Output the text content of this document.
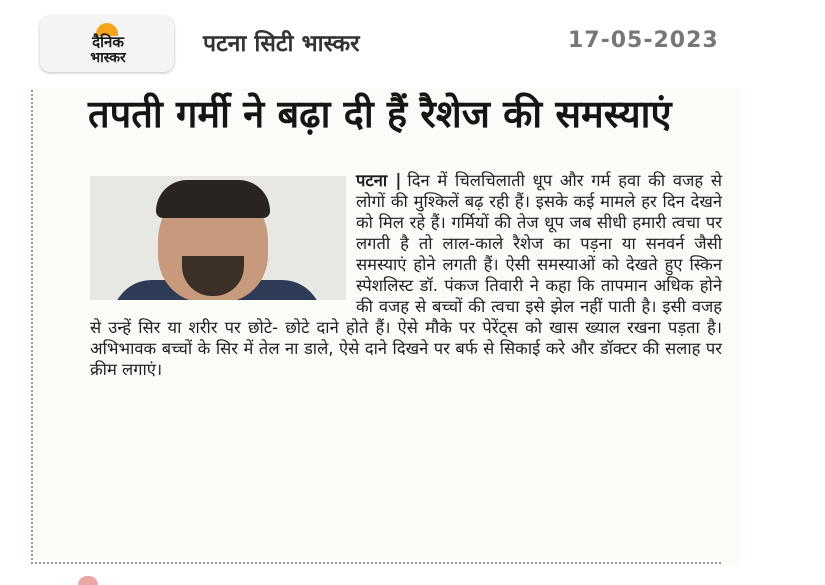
दैनिक
भास्कर
पटना सिटी भास्कर	17-05-2023
तपती गर्मी ने बढ़ा दी हैं रैशेज की समस्याएं
पटना | दिन में चिलचिलाती धूप और गर्म हवा की वजह से लोगों की मुश्किलें बढ़ रही हैं। इसके कई मामले हर दिन देखने को मिल रहे हैं। गर्मियों की तेज धूप जब सीधी हमारी त्वचा पर लगती है तो लाल-काले रैशेज का पड़ना या सनवर्न जैसी समस्याएं होने लगती हैं। ऐसी समस्याओं को देखते हुए स्किन स्पेशलिस्ट डॉ. पंकज तिवारी ने कहा कि तापमान अधिक होने की वजह से बच्चों की त्वचा इसे झेल नहीं पाती है। इसी वजह से उन्हें सिर या शरीर पर छोटे- छोटे दाने होते हैं। ऐसे मौके पर पेरेंट्स को खास ख्याल रखना पड़ता है। अभिभावक बच्चों के सिर में तेल ना डाले, ऐसे दाने दिखने पर बर्फ से सिकाई करे और डॉक्टर की सलाह पर क्रीम लगाएं।
